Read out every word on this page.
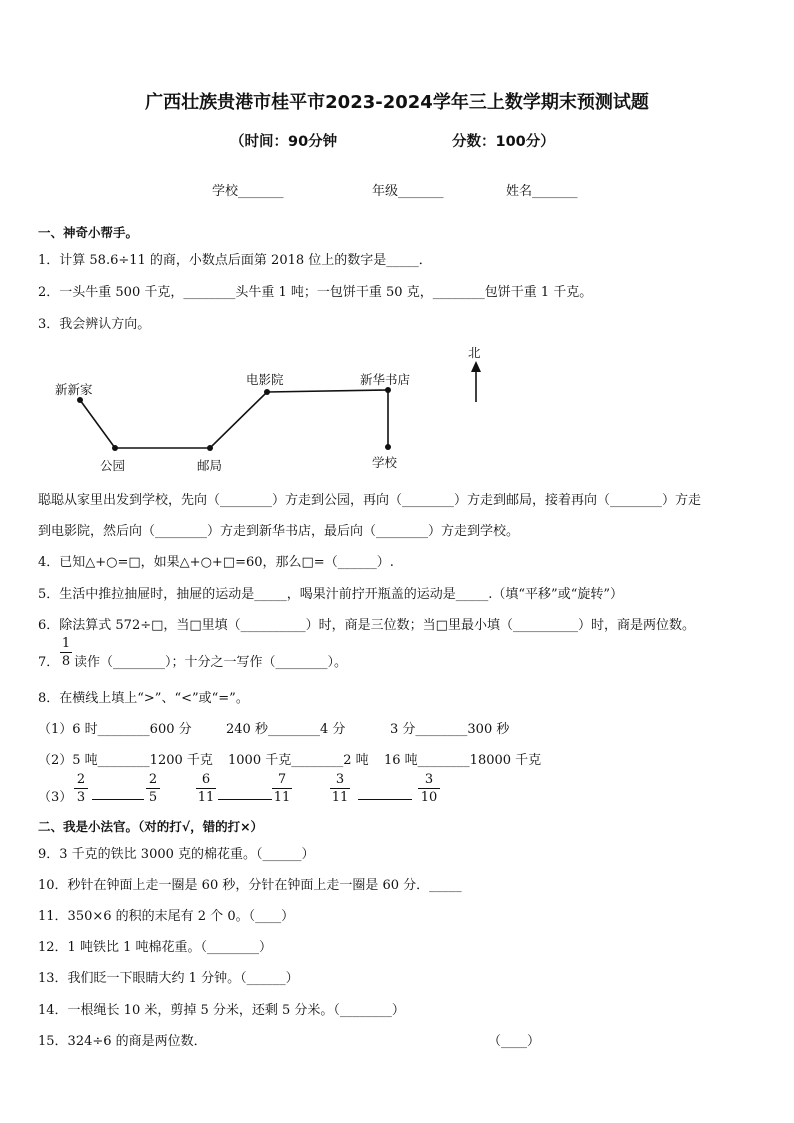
广西壮族贵港市桂平市2023-2024学年三上数学期末预测试题
（时间：90分钟	分数：100分）
学校_______	年级_______	姓名_______
一、神奇小帮手。
1．计算 58.6÷11 的商，小数点后面第 2018 位上的数字是_____．
2．一头牛重 500 千克，________头牛重 1 吨；一包饼干重 50 克，________包饼干重 1 千克。
3．我会辨认方向。
北
新新家
公园	邮局
电影院	新华书店
学校
聪聪从家里出发到学校，先向（________）方走到公园，再向（________）方走到邮局，接着再向（________）方走
到电影院，然后向（________）方走到新华书店，最后向（________）方走到学校。
4．已知△+○=□，如果△+○+□=60，那么□=（______）.
5．生活中推拉抽屉时，抽屉的运动是_____，喝果汁前拧开瓶盖的运动是_____.（填“平移”或“旋转”）
6．除法算式 572÷□，当□里填（__________）时，商是三位数；当□里最小填（__________）时，商是两位数。
7．
1
8 读作（________）；十分之一写作（________）。
8．在横线上填上“>”、“<”或“=”。
（1）6 时________600 分	240 秒________4 分	3 分________300 秒
（2）5 吨________1200 千克 1000 千克________2 吨 16 吨________18000 千克
（3）
2
3
2
5
6
11
7
11
3
11
3
10
二、我是小法官。（对的打√，错的打×）
9．3 千克的铁比 3000 克的棉花重。（______）
10．秒针在钟面上走一圈是 60 秒，分针在钟面上走一圈是 60 分．_____
11．350×6 的积的末尾有 2 个 0。（____）
12．1 吨铁比 1 吨棉花重。（________）
13．我们眨一下眼睛大约 1 分钟。（______）
14．一根绳长 10 米，剪掉 5 分米，还剩 5 分米。（________）
15．324÷6 的商是两位数．	（____）
